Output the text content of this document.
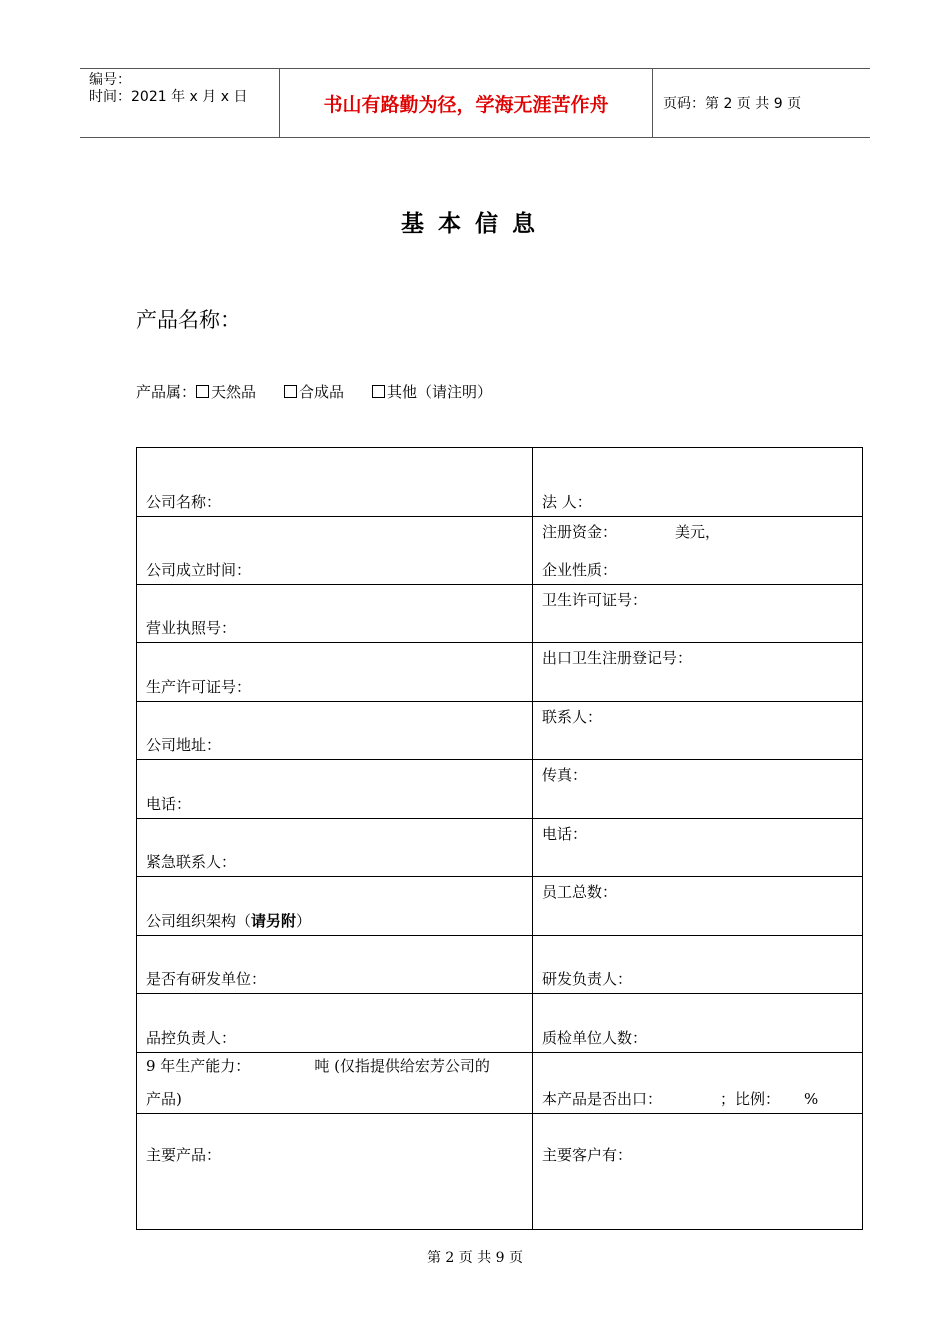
编号：
时间：2021 年 x 月 x 日	书山有路勤为径，学海无涯苦作舟	页码：第 2 页 共 9 页
基本信息
产品名称：
产品属： 天然品	合成品	其他（请注明）
公司名称：	法 人：

公司成立时间：	注册资金： 美元，
企业性质：

营业执照号：	卫生许可证号：

生产许可证号：	出口卫生注册登记号：

公司地址：	联系人：

电话：	传真：

紧急联系人：	电话：

公司组织架构（请另附）	员工总数：

是否有研发单位：	研发负责人：

品控负责人：	质检单位人数：

9 年生产能力： 吨 (仅指提供给宏芳公司的
产品)	本产品是否出口： ；比例： %

主要产品：	主要客户有：
第 2 页 共 9 页
